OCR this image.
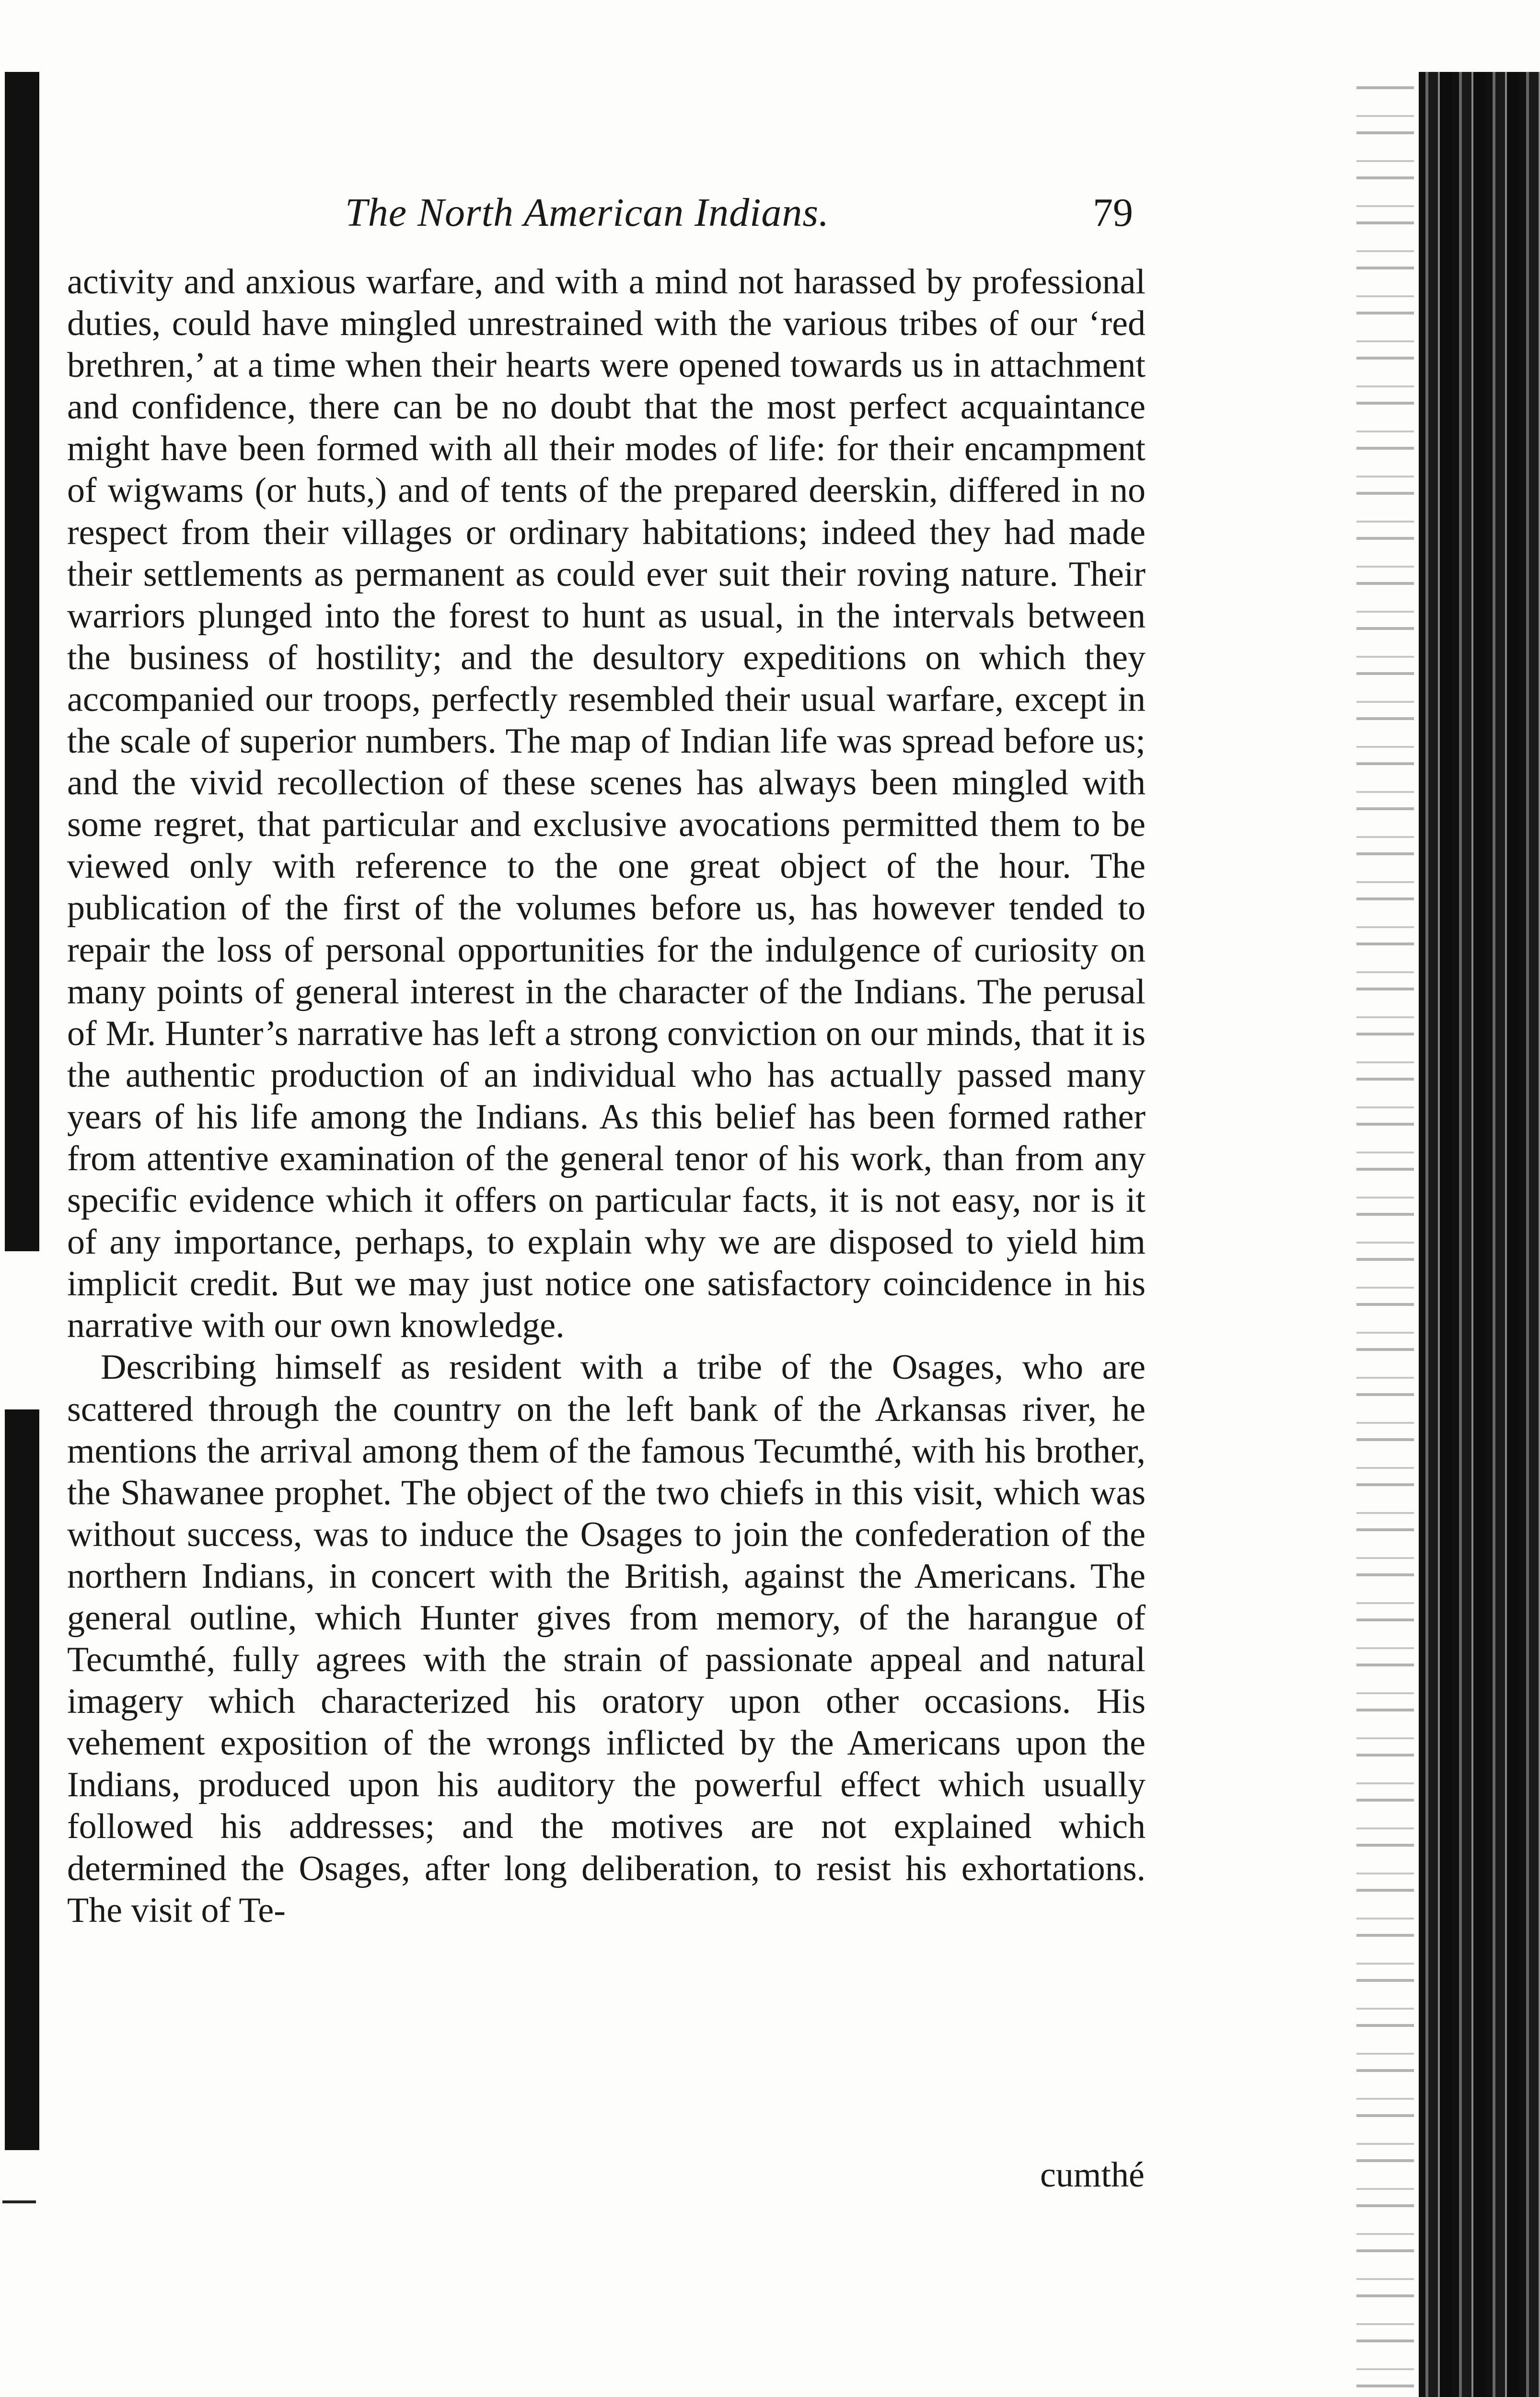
The North American Indians.	79

activity and anxious warfare, and with a mind not harassed by professional duties, could have mingled unrestrained with the various tribes of our ‘red brethren,’ at a time when their hearts were opened towards us in attachment and confidence, there can be no doubt that the most perfect acquaintance might have been formed with all their modes of life: for their encampment of wigwams (or huts,) and of tents of the prepared deerskin, differed in no respect from their villages or ordinary habitations; indeed they had made their settlements as permanent as could ever suit their roving nature. Their warriors plunged into the forest to hunt as usual, in the intervals between the business of hostility; and the desultory expeditions on which they accompanied our troops, perfectly resembled their usual warfare, except in the scale of superior numbers. The map of Indian life was spread before us; and the vivid recollection of these scenes has always been mingled with some regret, that particular and exclusive avocations permitted them to be viewed only with reference to the one great object of the hour. The publication of the first of the volumes before us, has however tended to repair the loss of personal opportunities for the indulgence of curiosity on many points of general interest in the character of the Indians. The perusal of Mr. Hunter’s narrative has left a strong conviction on our minds, that it is the authentic production of an individual who has actually passed many years of his life among the Indians. As this belief has been formed rather from attentive examination of the general tenor of his work, than from any specific evidence which it offers on particular facts, it is not easy, nor is it of any importance, perhaps, to explain why we are disposed to yield him implicit credit. But we may just notice one satisfactory coincidence in his narrative with our own knowledge.

Describing himself as resident with a tribe of the Osages, who are scattered through the country on the left bank of the Arkansas river, he mentions the arrival among them of the famous Tecumthé, with his brother, the Shawanee prophet. The object of the two chiefs in this visit, which was without success, was to induce the Osages to join the confederation of the northern Indians, in concert with the British, against the Americans. The general outline, which Hunter gives from memory, of the harangue of Tecumthé, fully agrees with the strain of passionate appeal and natural imagery which characterized his oratory upon other occasions. His vehement exposition of the wrongs inflicted by the Americans upon the Indians, produced upon his auditory the powerful effect which usually followed his addresses; and the motives are not explained which determined the Osages, after long deliberation, to resist his exhortations. The visit of Te-

cumthé
